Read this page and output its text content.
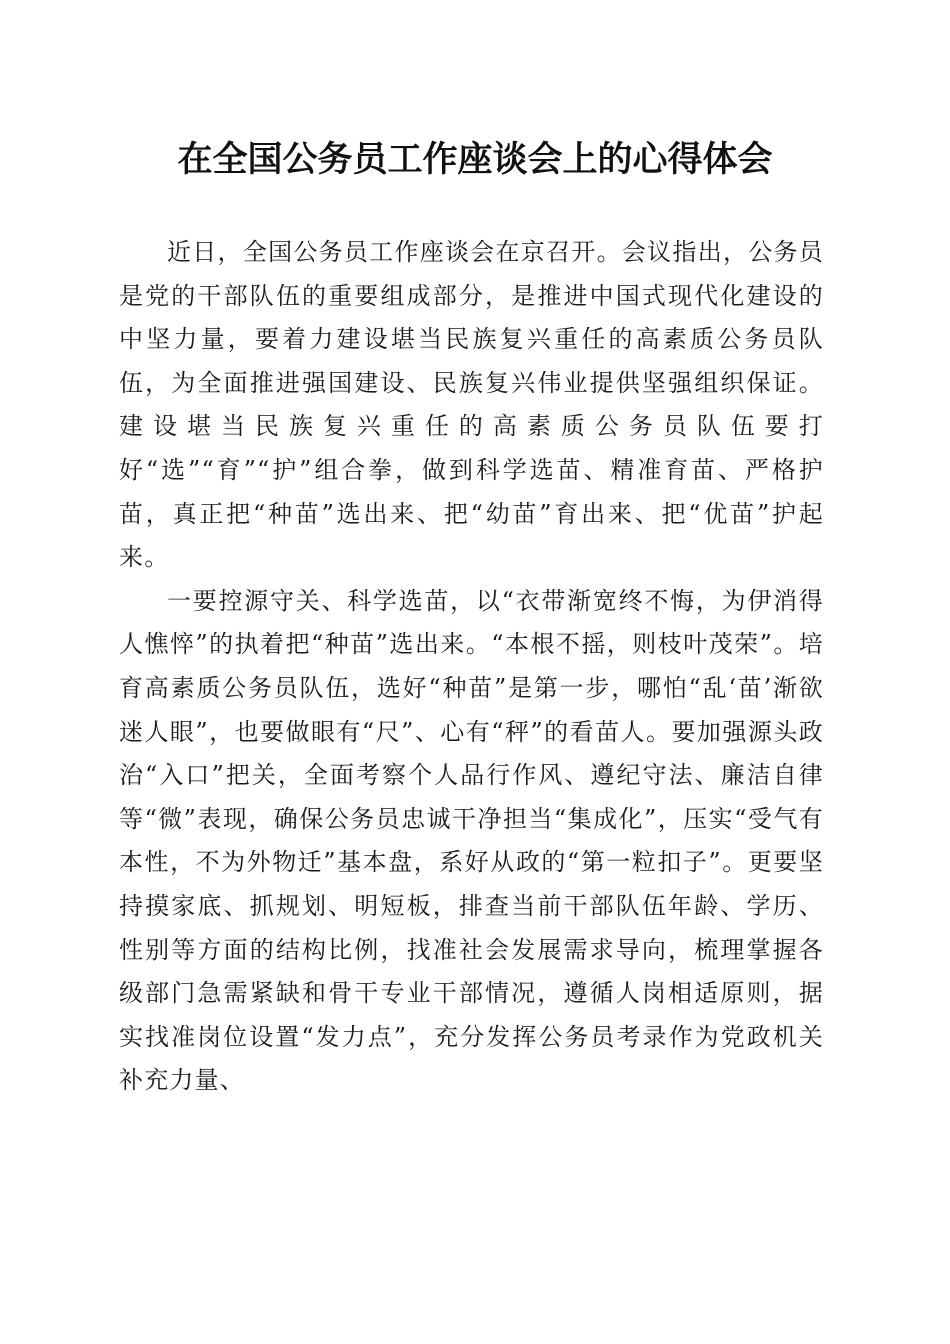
在全国公务员工作座谈会上的心得体会

近日，全国公务员工作座谈会在京召开。会议指出，公务员是党的干部队伍的重要组成部分，是推进中国式现代化建设的中坚力量，要着力建设堪当民族复兴重任的高素质公务员队伍，为全面推进强国建设、民族复兴伟业提供坚强组织保证。建设堪当民族复兴重任的高素质公务员队伍要打好“选”“育”“护”组合拳，做到科学选苗、精准育苗、严格护苗，真正把“种苗”选出来、把“幼苗”育出来、把“优苗”护起来。

一要控源守关、科学选苗，以“衣带渐宽终不悔，为伊消得人憔悴”的执着把“种苗”选出来。“本根不摇，则枝叶茂荣”。培育高素质公务员队伍，选好“种苗”是第一步，哪怕“乱‘苗’渐欲迷人眼”，也要做眼有“尺”、心有“秤”的看苗人。要加强源头政治“入口”把关，全面考察个人品行作风、遵纪守法、廉洁自律等“微”表现，确保公务员忠诚干净担当“集成化”，压实“受气有本性，不为外物迁”基本盘，系好从政的“第一粒扣子”。更要坚持摸家底、抓规划、明短板，排查当前干部队伍年龄、学历、性别等方面的结构比例，找准社会发展需求导向，梳理掌握各级部门急需紧缺和骨干专业干部情况，遵循人岗相适原则，据实找准岗位设置“发力点”，充分发挥公务员考录作为党政机关补充力量、
